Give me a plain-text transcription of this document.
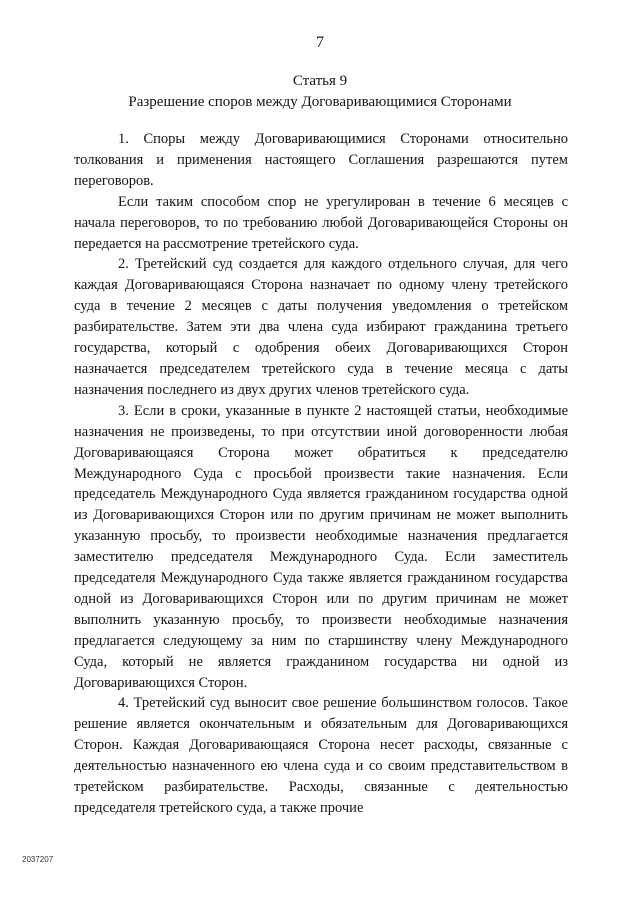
7
Статья 9
Разрешение споров между Договаривающимися Сторонами

1. Споры между Договаривающимися Сторонами относительно толкования и применения настоящего Соглашения разрешаются путем переговоров.

Если таким способом спор не урегулирован в течение 6 месяцев с начала переговоров, то по требованию любой Договаривающейся Стороны он передается на рассмотрение третейского суда.

2. Третейский суд создается для каждого отдельного случая, для чего каждая Договаривающаяся Сторона назначает по одному члену третейского суда в течение 2 месяцев с даты получения уведомления о третейском разбирательстве. Затем эти два члена суда избирают гражданина третьего государства, который с одобрения обеих Договаривающихся Сторон назначается председателем третейского суда в течение месяца с даты назначения последнего из двух других членов третейского суда.

3. Если в сроки, указанные в пункте 2 настоящей статьи, необходимые назначения не произведены, то при отсутствии иной договоренности любая Договаривающаяся Сторона может обратиться к председателю Международного Суда с просьбой произвести такие назначения. Если председатель Международного Суда является гражданином государства одной из Договаривающихся Сторон или по другим причинам не может выполнить указанную просьбу, то произвести необходимые назначения предлагается заместителю председателя Международного Суда. Если заместитель председателя Международного Суда также является гражданином государства одной из Договаривающихся Сторон или по другим причинам не может выполнить указанную просьбу, то произвести необходимые назначения предлагается следующему за ним по старшинству члену Международного Суда, который не является гражданином государства ни одной из Договаривающихся Сторон.

4. Третейский суд выносит свое решение большинством голосов. Такое решение является окончательным и обязательным для Договаривающихся Сторон. Каждая Договаривающаяся Сторона несет расходы, связанные с деятельностью назначенного ею члена суда и со своим представительством в третейском разбирательстве. Расходы, связанные с деятельностью председателя третейского суда, а также прочие

2037207
